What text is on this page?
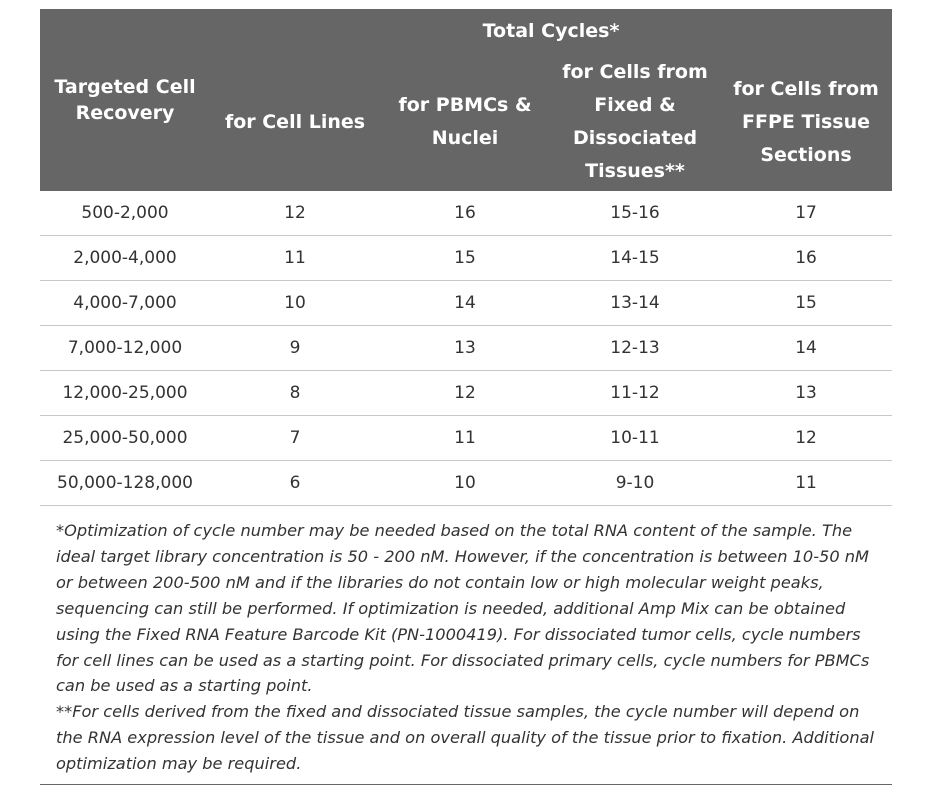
Targeted Cell Recovery	Total Cycles*			
	for Cell Lines	for PBMCs & Nuclei	for Cells from Fixed & Dissociated Tissues**	for Cells from FFPE Tissue Sections
500-2,000	12	16	15-16	17
2,000-4,000	11	15	14-15	16
4,000-7,000	10	14	13-14	15
7,000-12,000	9	13	12-13	14
12,000-25,000	8	12	11-12	13
25,000-50,000	7	11	10-11	12
50,000-128,000	6	10	9-10	11

*Optimization of cycle number may be needed based on the total RNA content of the sample. The ideal target library concentration is 50 - 200 nM. However, if the concentration is between 10-50 nM or between 200-500 nM and if the libraries do not contain low or high molecular weight peaks, sequencing can still be performed. If optimization is needed, additional Amp Mix can be obtained using the Fixed RNA Feature Barcode Kit (PN-1000419). For dissociated tumor cells, cycle numbers for cell lines can be used as a starting point. For dissociated primary cells, cycle numbers for PBMCs can be used as a starting point.

**For cells derived from the fixed and dissociated tissue samples, the cycle number will depend on the RNA expression level of the tissue and on overall quality of the tissue prior to fixation. Additional optimization may be required.
